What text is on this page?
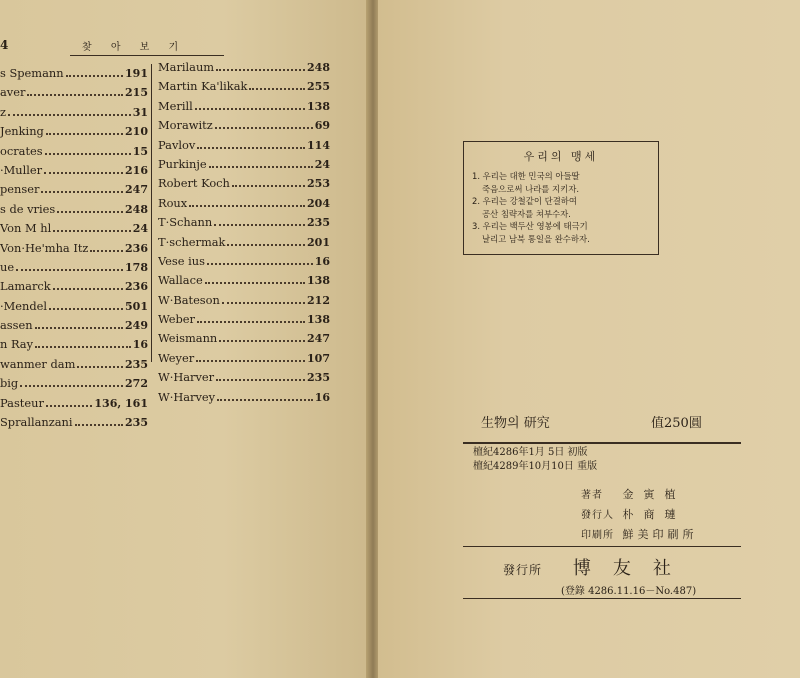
4	찾 아 보 기
s Spemann	191
aver	215
z	31
Jenking	210
ocrates	15
·Muller	216
penser	247
s de vries	248
Von M hl	24
Von·He'mha Itz	236
ue	178
Lamarck	236
·Mendel	501
assen	249
n Ray	16
wanmer dam	235
big	272
Pasteur	136, 161
Sprallanzani	235
Marilaum	248
Martin Ka'likak	255
Merill	138
Morawitz	69
Pavlov	114
Purkinje	24
Robert Koch	253
Roux	204
T·Schann	235
T·schermak	201
Vese ius	16
Wallace	138
W·Bateson	212
Weber	138
Weismann	247
Weyer	107
W·Harver	235
W·Harvey	16
우리의 맹세
1. 우리는 대한 민국의 아들딸
죽음으로써 나라를 지키자.
2. 우리는 강철같이 단결하여
공산 침략자를 쳐부수자.
3. 우리는 백두산 영봉에 태극기
날리고 남북 통일을 완수하자.
生物의 研究	值250圓
檀紀4286年1月 5日 初版
檀紀4289年10月10日 重版
著者 金寅植
發行人 朴商璉
印刷所 鮮美印刷所
發行所 博友社
(登錄 4286.11.16－No.487)
